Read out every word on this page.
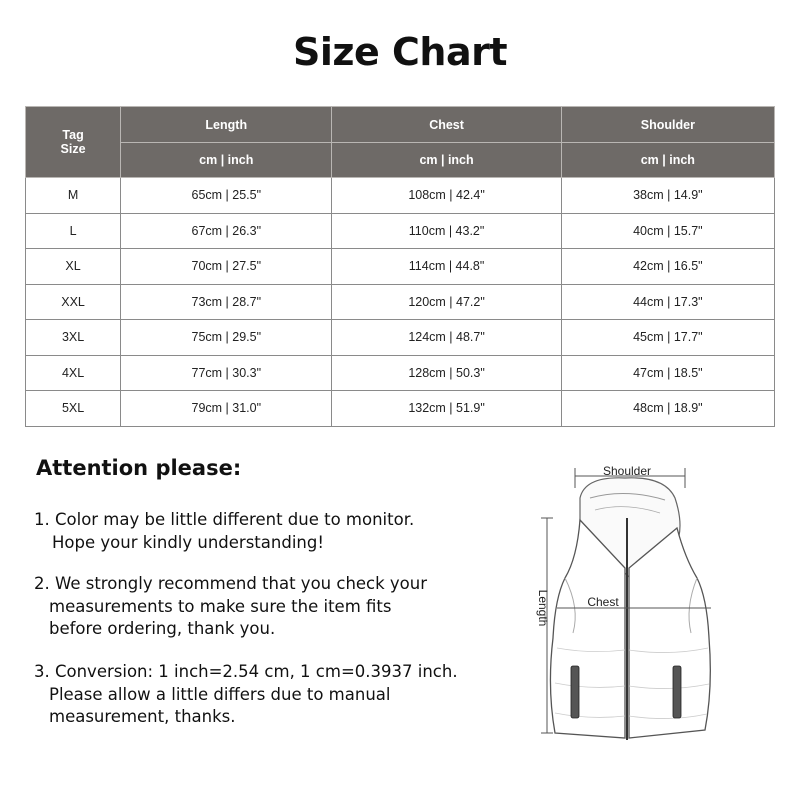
Size Chart
Tag
Size	Length	Chest	Shoulder
	cm | inch	cm | inch	cm | inch
M	65cm | 25.5"	108cm | 42.4"	38cm | 14.9"
L	67cm | 26.3"	110cm | 43.2"	40cm | 15.7"
XL	70cm | 27.5"	114cm | 44.8"	42cm | 16.5"
XXL	73cm | 28.7"	120cm | 47.2"	44cm | 17.3"
3XL	75cm | 29.5"	124cm | 48.7"	45cm | 17.7"
4XL	77cm | 30.3"	128cm | 50.3"	47cm | 18.5"
5XL	79cm | 31.0"	132cm | 51.9"	48cm | 18.9"
Attention please:
1. Color may be little different due to monitor.
Hope your kindly understanding!
2. We strongly recommend that you check your
measurements to make sure the item fits
before ordering, thank you.
3. Conversion: 1 inch=2.54 cm, 1 cm=0.3937 inch.
Please allow a little differs due to manual
measurement, thanks.
Shoulder
Chest
Length
